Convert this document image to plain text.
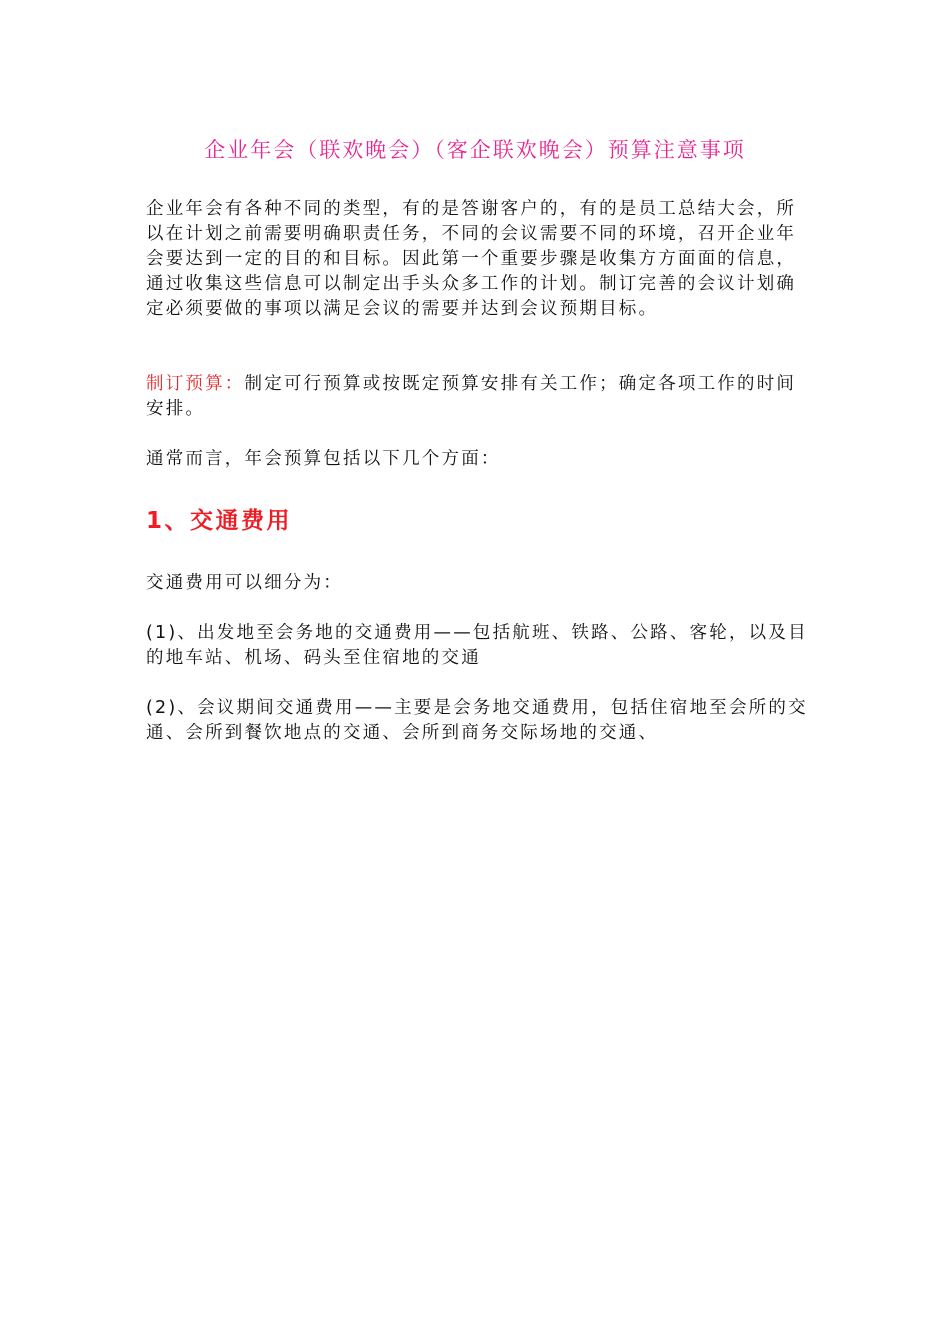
企业年会（联欢晚会）（客企联欢晚会）预算注意事项

企业年会有各种不同的类型，有的是答谢客户的，有的是员工总结大会，所以在计划之前需要明确职责任务，不同的会议需要不同的环境，召开企业年会要达到一定的目的和目标。因此第一个重要步骤是收集方方面面的信息，通过收集这些信息可以制定出手头众多工作的计划。制订完善的会议计划确定必须要做的事项以满足会议的需要并达到会议预期目标。

制订预算：制定可行预算或按既定预算安排有关工作；确定各项工作的时间安排。

通常而言，年会预算包括以下几个方面：

1、交通费用

交通费用可以细分为：

(1)、出发地至会务地的交通费用——包括航班、铁路、公路、客轮，以及目的地车站、机场、码头至住宿地的交通

(2)、会议期间交通费用——主要是会务地交通费用，包括住宿地至会所的交通、会所到餐饮地点的交通、会所到商务交际场地的交通、
